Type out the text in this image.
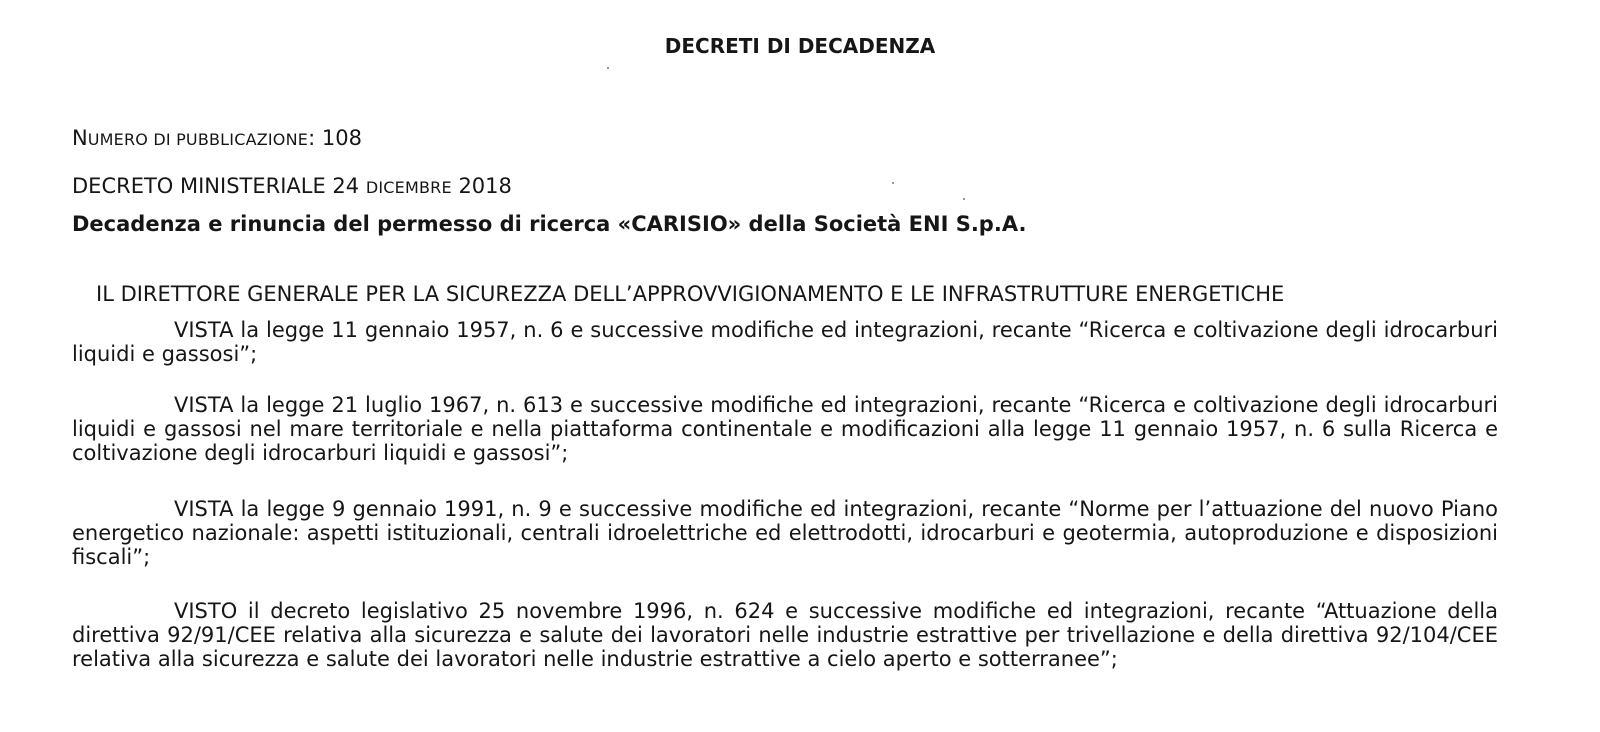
DECRETI DI DECADENZA
NUMERO DI PUBBLICAZIONE: 108
DECRETO MINISTERIALE 24 DICEMBRE 2018
Decadenza e rinuncia del permesso di ricerca «CARISIO» della Società ENI S.p.A.
IL DIRETTORE GENERALE PER LA SICUREZZA DELL’APPROVVIGIONAMENTO E LE INFRASTRUTTURE ENERGETICHE
VISTA la legge 11 gennaio 1957, n. 6 e successive modifiche ed integrazioni, recante “Ricerca e coltivazione degli idrocarburi liquidi e gassosi”;
VISTA la legge 21 luglio 1967, n. 613 e successive modifiche ed integrazioni, recante “Ricerca e coltivazione degli idrocarburi liquidi e gassosi nel mare territoriale e nella piattaforma continentale e modificazioni alla legge 11 gennaio 1957, n. 6 sulla Ricerca e coltivazione degli idrocarburi liquidi e gassosi”;
VISTA la legge 9 gennaio 1991, n. 9 e successive modifiche ed integrazioni, recante “Norme per l’attuazione del nuovo Piano energetico nazionale: aspetti istituzionali, centrali idroelettriche ed elettrodotti, idrocarburi e geotermia, autoproduzione e disposizioni fiscali”;
VISTO il decreto legislativo 25 novembre 1996, n. 624 e successive modifiche ed integrazioni, recante “Attuazione della direttiva 92/91/CEE relativa alla sicurezza e salute dei lavoratori nelle industrie estrattive per trivellazione e della direttiva 92/104/CEE relativa alla sicurezza e salute dei lavoratori nelle industrie estrattive a cielo aperto e sotterranee”;
